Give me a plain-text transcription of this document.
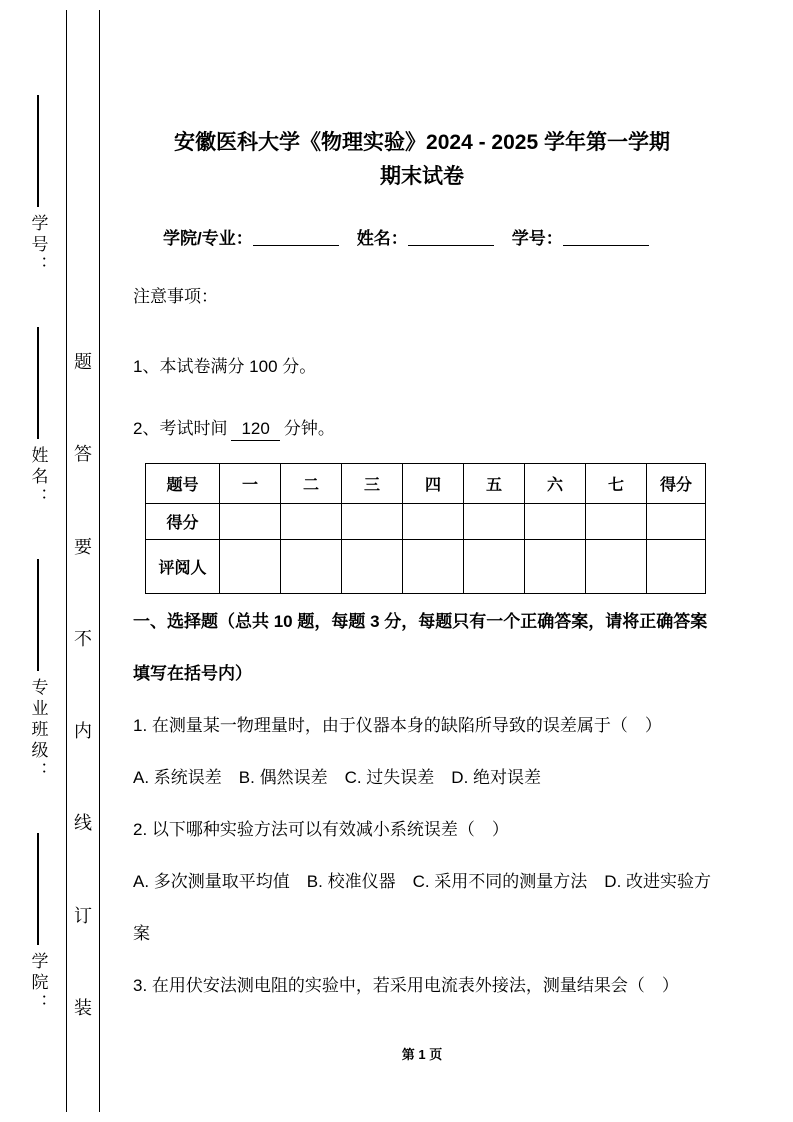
学号：
姓名：
专业班级：
学院：
题
答
要
不
内
线
订
装
安徽医科大学《物理实验》2024 - 2025 学年第一学期
期末试卷
学院/专业：	姓名：	学号：

注意事项：

1、本试卷满分 100 分。

2、考试时间 120 分钟。

题号	一	二	三	四	五	六	七	得分
得分								
评阅人								

一、选择题（总共 10 题，每题 3 分，每题只有一个正确答案，请将正确答案填写在括号内）

1. 在测量某一物理量时，由于仪器本身的缺陷所导致的误差属于（　）

A. 系统误差　B. 偶然误差　C. 过失误差　D. 绝对误差

2. 以下哪种实验方法可以有效减小系统误差（　）

A. 多次测量取平均值　B. 校准仪器　C. 采用不同的测量方法　D. 改进实验方案

3. 在用伏安法测电阻的实验中，若采用电流表外接法，测量结果会（　）

第 1 页
